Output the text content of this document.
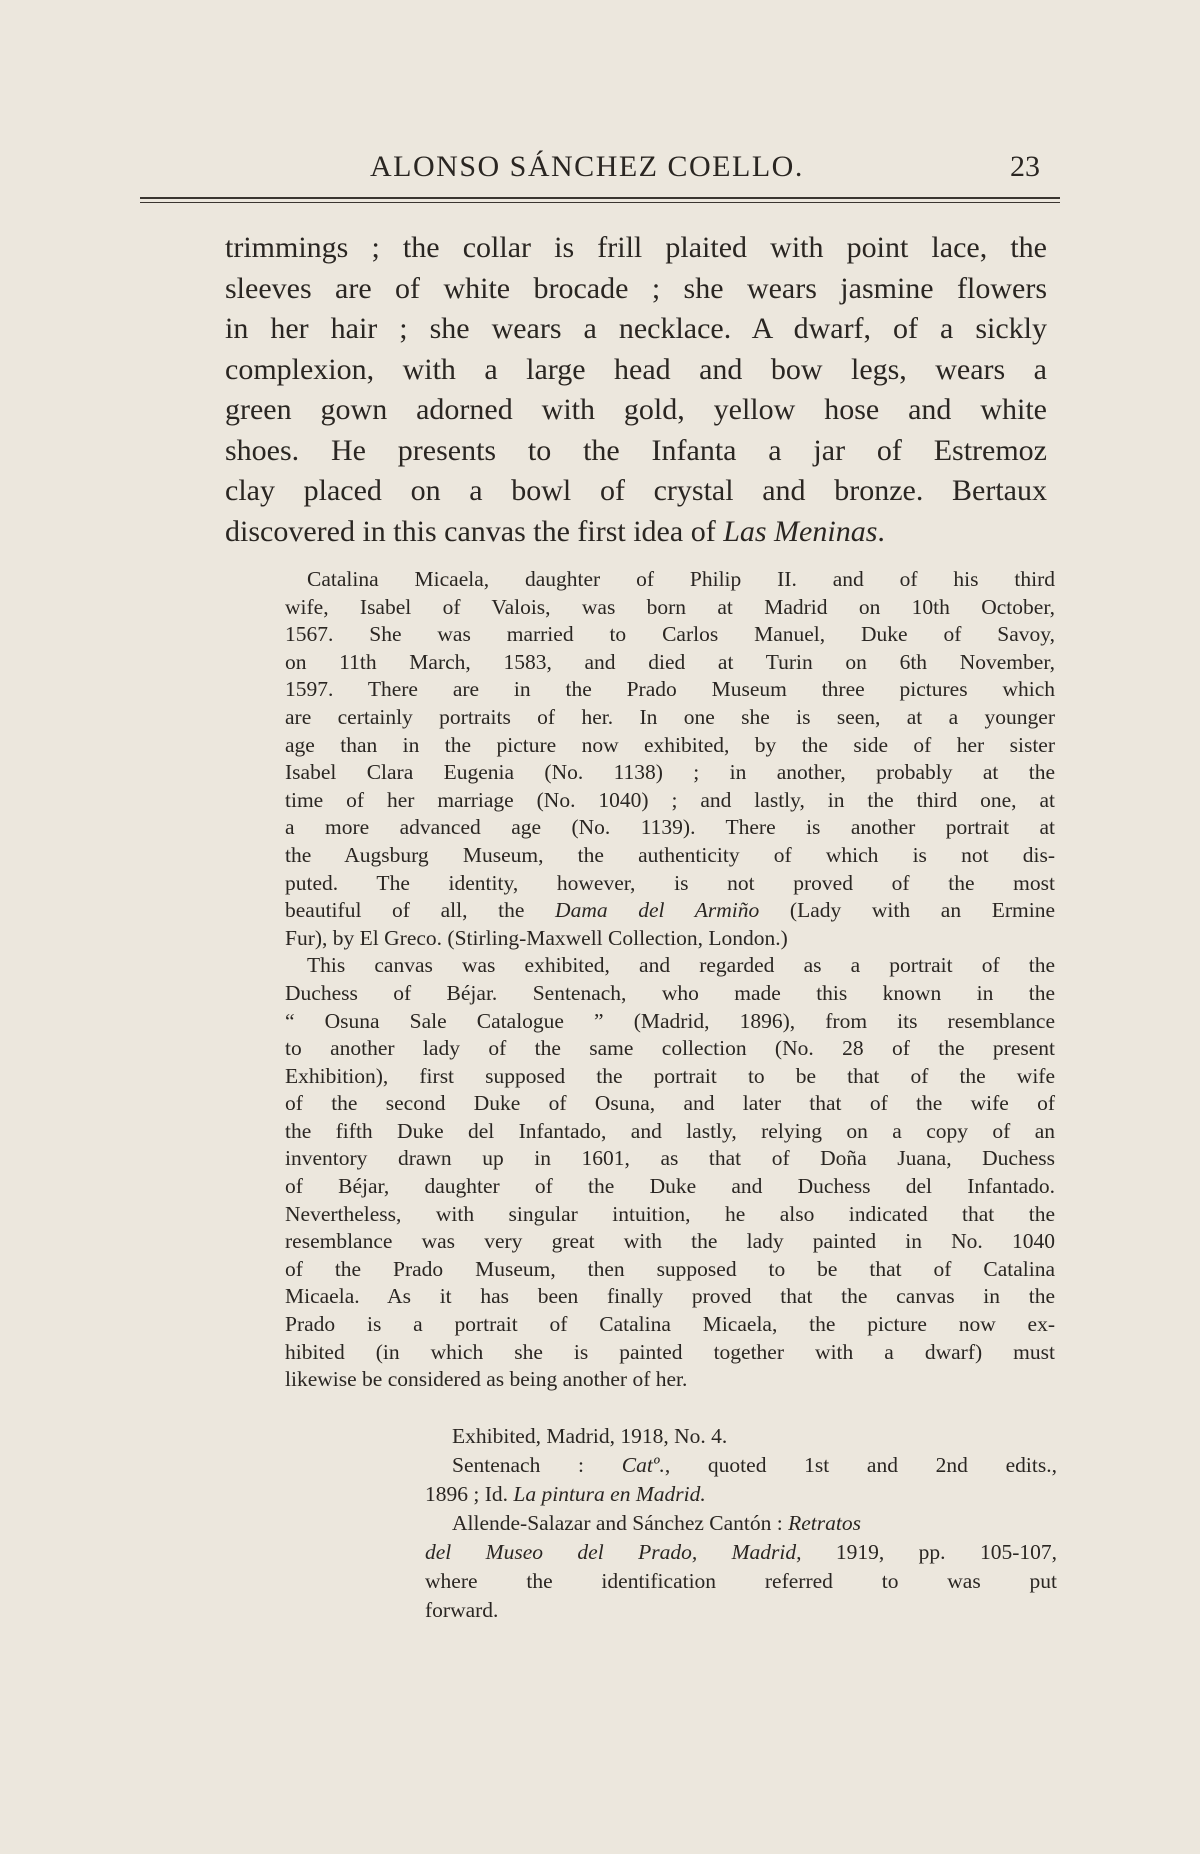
ALONSO SÁNCHEZ COELLO.	23
trimmings ; the collar is frill plaited with point lace, the
sleeves are of white brocade ; she wears jasmine flowers
in her hair ; she wears a necklace. A dwarf, of a sickly
complexion, with a large head and bow legs, wears a
green gown adorned with gold, yellow hose and white
shoes. He presents to the Infanta a jar of Estremoz
clay placed on a bowl of crystal and bronze. Bertaux
discovered in this canvas the first idea of Las Meninas.
Catalina Micaela, daughter of Philip II. and of his third
wife, Isabel of Valois, was born at Madrid on 10th October,
1567. She was married to Carlos Manuel, Duke of Savoy,
on 11th March, 1583, and died at Turin on 6th November,
1597. There are in the Prado Museum three pictures which
are certainly portraits of her. In one she is seen, at a younger
age than in the picture now exhibited, by the side of her sister
Isabel Clara Eugenia (No. 1138) ; in another, probably at the
time of her marriage (No. 1040) ; and lastly, in the third one, at
a more advanced age (No. 1139). There is another portrait at
the Augsburg Museum, the authenticity of which is not dis-
puted. The identity, however, is not proved of the most
beautiful of all, the Dama del Armiño (Lady with an Ermine
Fur), by El Greco. (Stirling-Maxwell Collection, London.)
This canvas was exhibited, and regarded as a portrait of the
Duchess of Béjar. Sentenach, who made this known in the
“ Osuna Sale Catalogue ” (Madrid, 1896), from its resemblance
to another lady of the same collection (No. 28 of the present
Exhibition), first supposed the portrait to be that of the wife
of the second Duke of Osuna, and later that of the wife of
the fifth Duke del Infantado, and lastly, relying on a copy of an
inventory drawn up in 1601, as that of Doña Juana, Duchess
of Béjar, daughter of the Duke and Duchess del Infantado.
Nevertheless, with singular intuition, he also indicated that the
resemblance was very great with the lady painted in No. 1040
of the Prado Museum, then supposed to be that of Catalina
Micaela. As it has been finally proved that the canvas in the
Prado is a portrait of Catalina Micaela, the picture now ex-
hibited (in which she is painted together with a dwarf) must
likewise be considered as being another of her.
Exhibited, Madrid, 1918, No. 4.
Sentenach : Catº., quoted 1st and 2nd edits.,
1896 ; Id. La pintura en Madrid.
Allende-Salazar and Sánchez Cantón : Retratos
del Museo del Prado, Madrid, 1919, pp. 105-107,
where the identification referred to was put
forward.
